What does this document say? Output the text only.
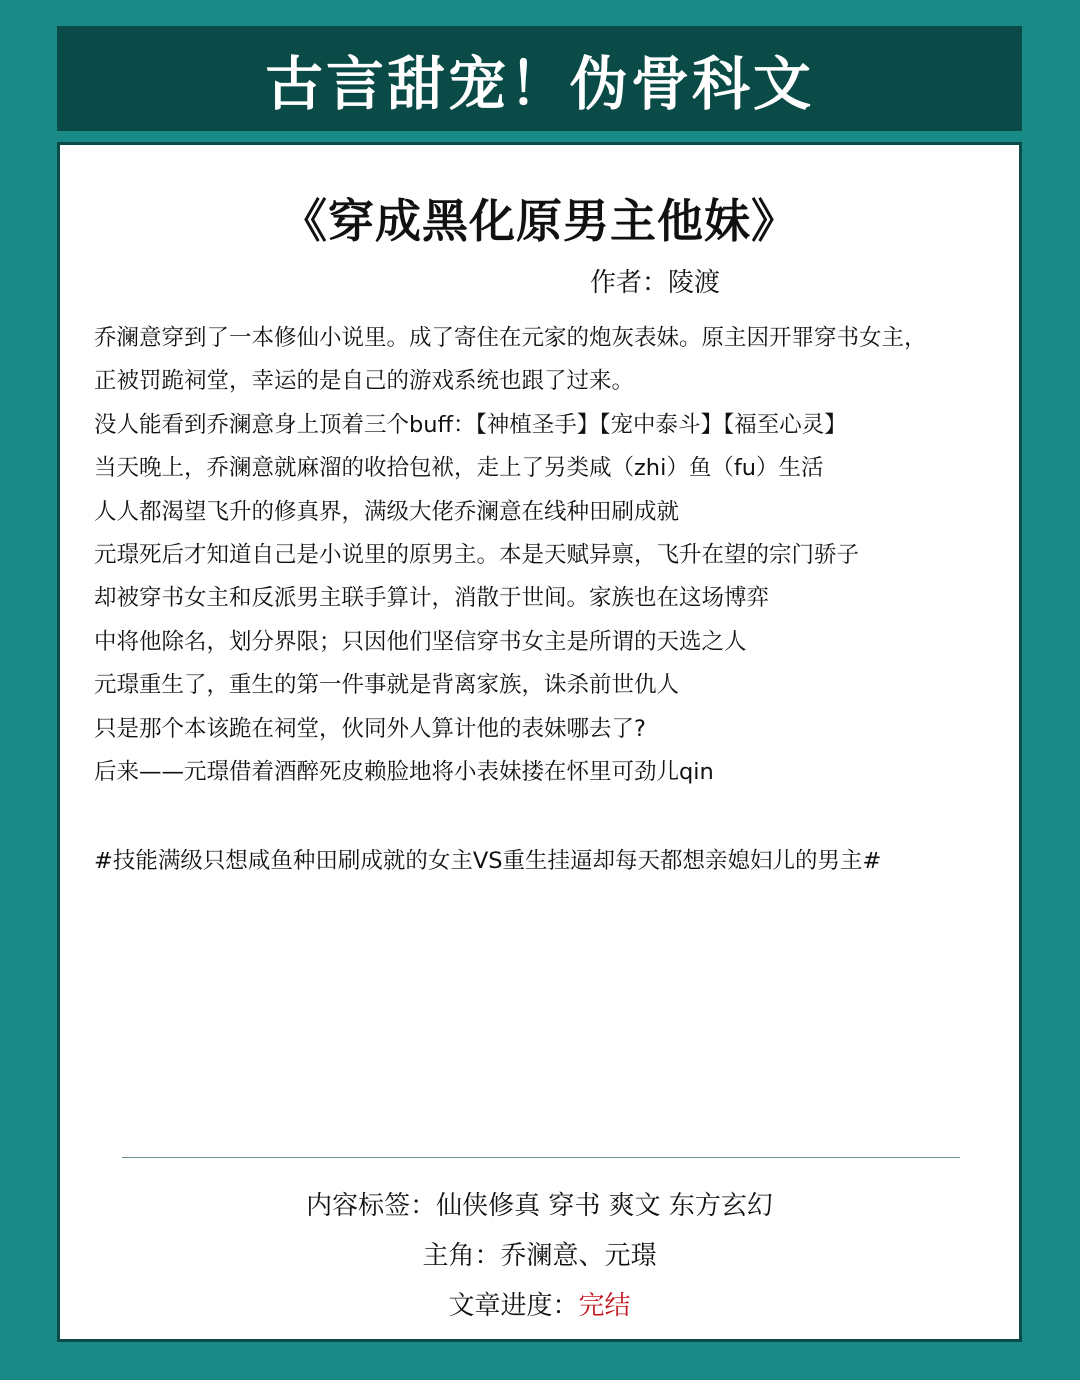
古言甜宠！伪骨科文
《穿成黑化原男主他妹》
作者：陵渡
乔澜意穿到了一本修仙小说里。成了寄住在元家的炮灰表妹。原主因开罪穿书女主，
正被罚跪祠堂，幸运的是自己的游戏系统也跟了过来。
没人能看到乔澜意身上顶着三个buff：【神植圣手】【宠中泰斗】【福至心灵】
当天晚上，乔澜意就麻溜的收拾包袱，走上了另类咸（zhi）鱼（fu）生活
人人都渴望飞升的修真界，满级大佬乔澜意在线种田刷成就
元璟死后才知道自己是小说里的原男主。本是天赋异禀，飞升在望的宗门骄子
却被穿书女主和反派男主联手算计，消散于世间。家族也在这场博弈
中将他除名，划分界限；只因他们坚信穿书女主是所谓的天选之人
元璟重生了，重生的第一件事就是背离家族，诛杀前世仇人
只是那个本该跪在祠堂，伙同外人算计他的表妹哪去了?
后来——元璟借着酒醉死皮赖脸地将小表妹搂在怀里可劲儿qin
#技能满级只想咸鱼种田刷成就的女主VS重生挂逼却每天都想亲媳妇儿的男主#
内容标签：仙侠修真 穿书 爽文 东方玄幻
主角：乔澜意、元璟
文章进度：完结
